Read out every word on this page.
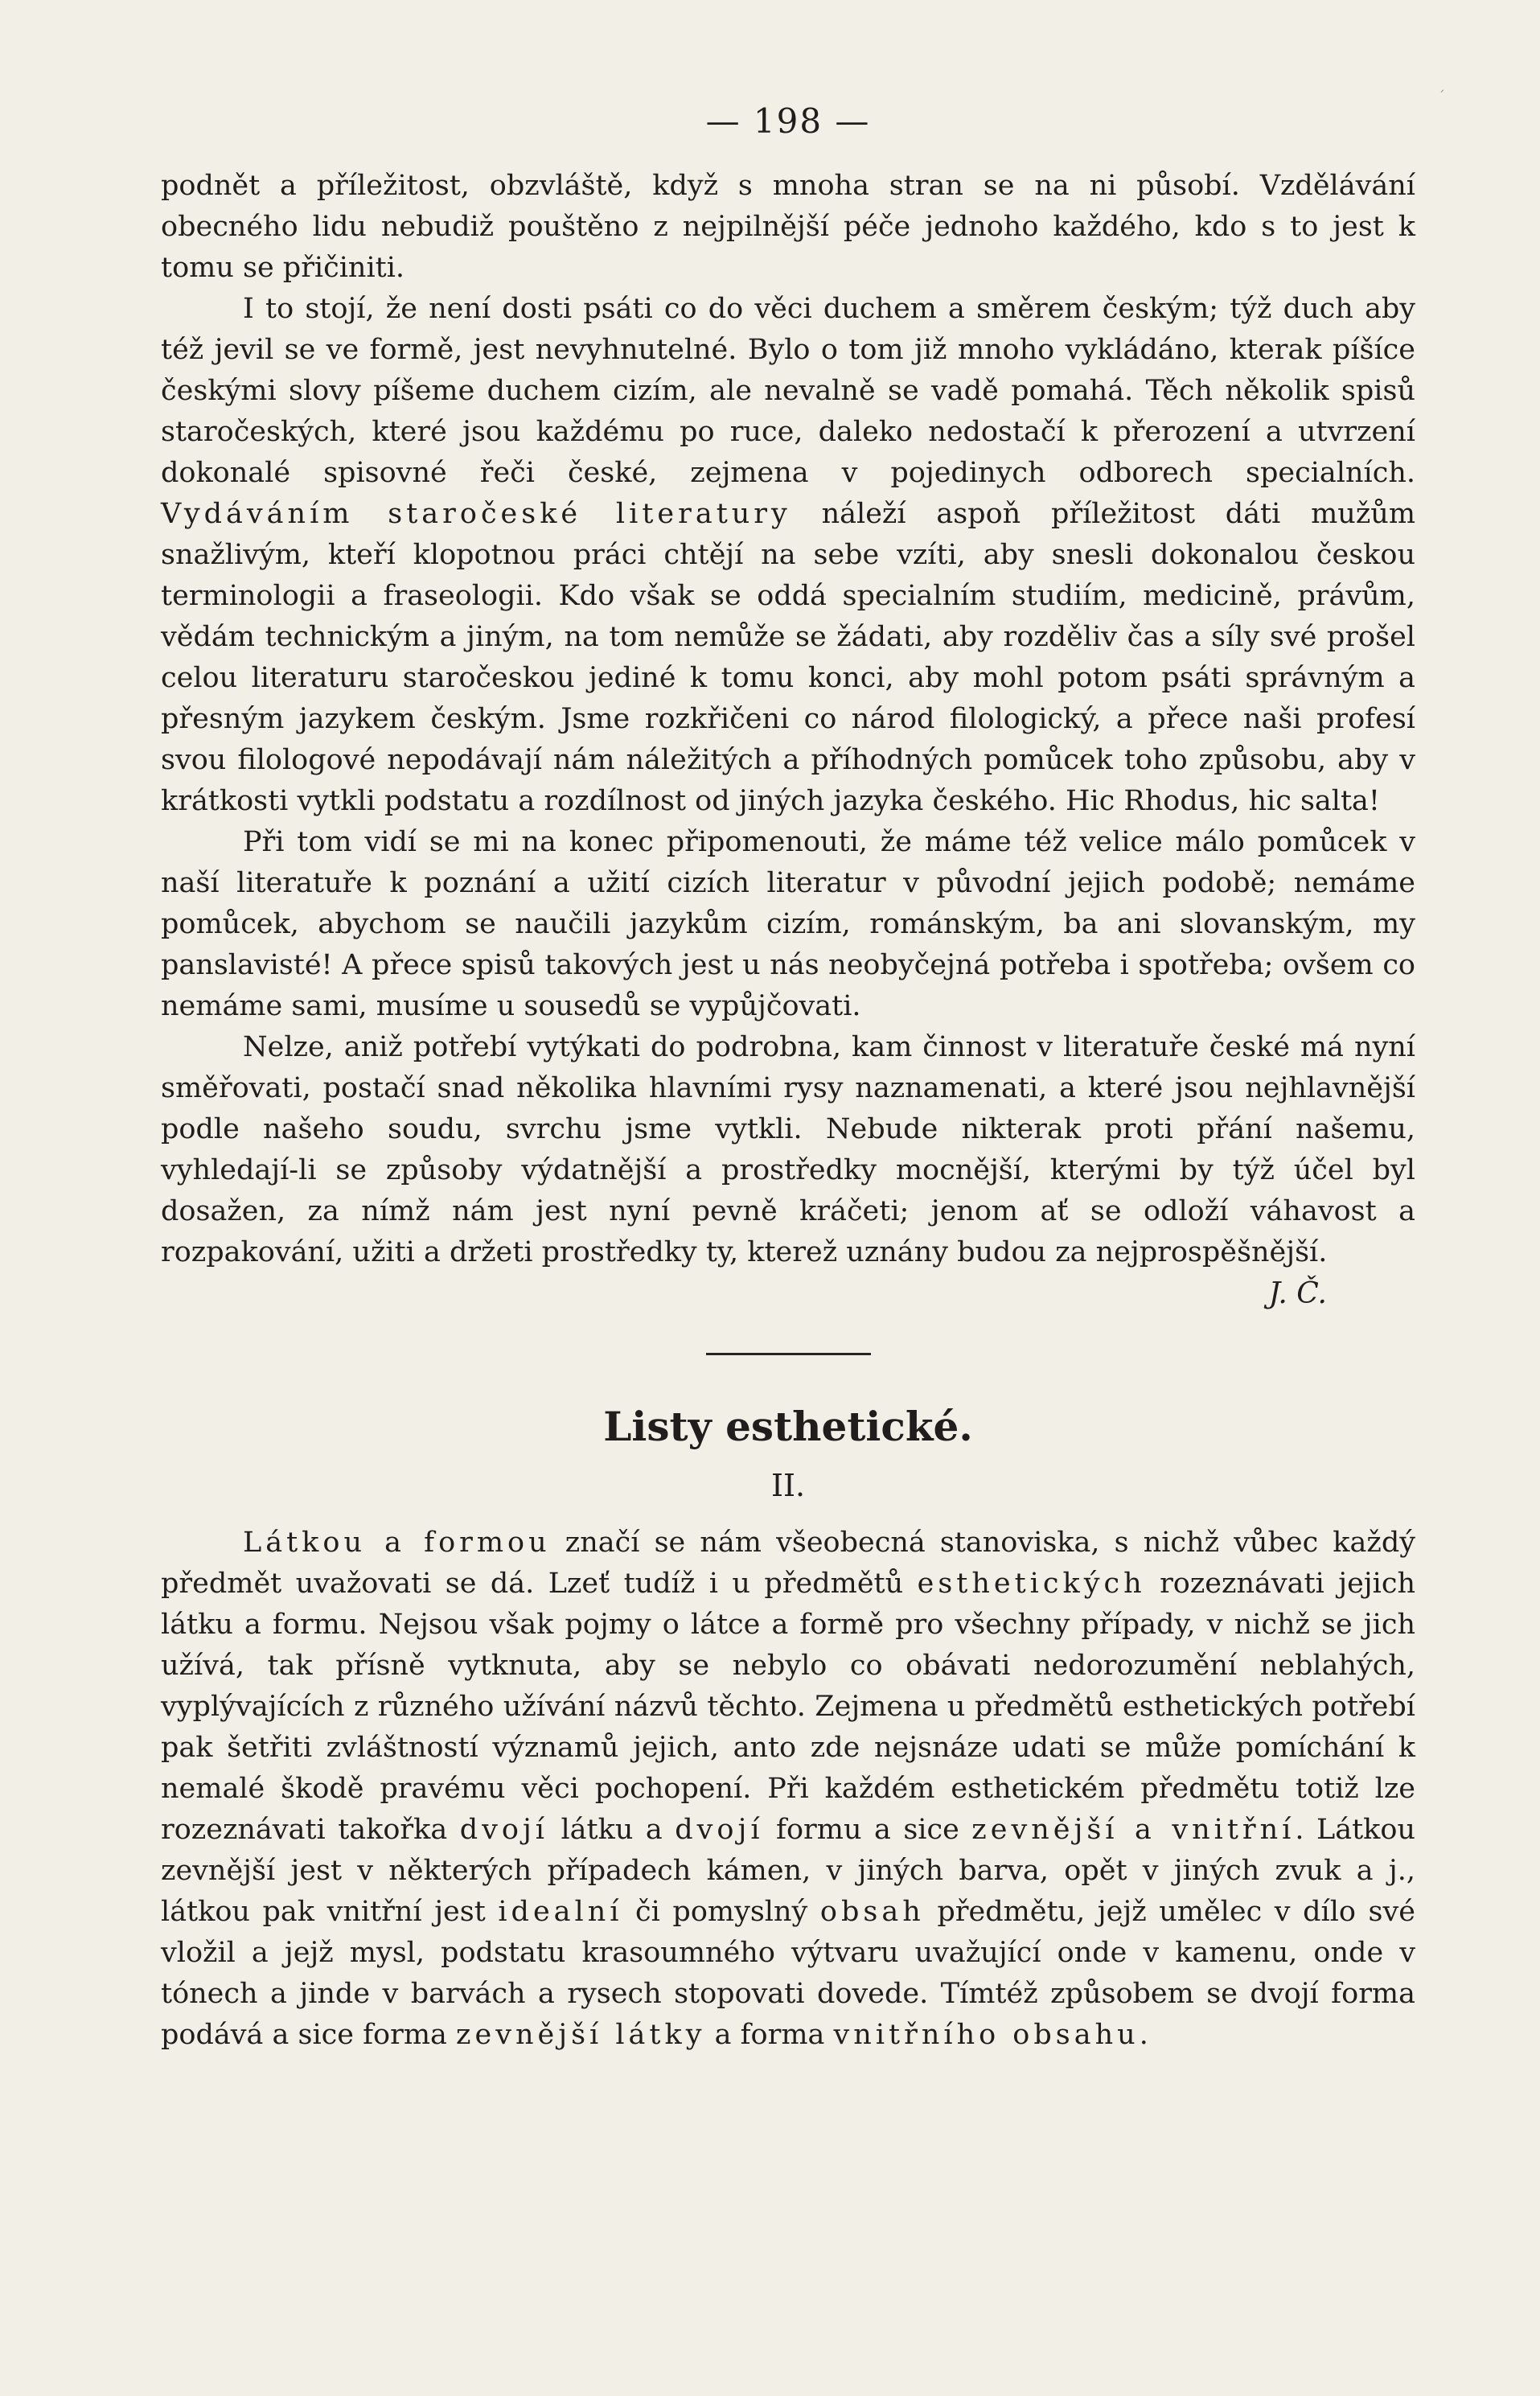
ˊ
— 198 —

podnět a příležitost, obzvláště, když s mnoha stran se na ni působí. Vzdělávání obecného lidu nebudiž pouštěno z nejpilnější péče jednoho každého, kdo s to jest k tomu se přičiniti.

I to stojí, že není dosti psáti co do věci duchem a směrem českým; týž duch aby též jevil se ve formě, jest nevyhnutelné. Bylo o tom již mnoho vykládáno, kterak píšíce českými slovy píšeme duchem cizím, ale nevalně se vadě pomahá. Těch několik spisů staročeských, které jsou každému po ruce, daleko nedostačí k přerození a utvrzení dokonalé spisovné řeči české, zejmena v pojedinych odborech specialních. Vydáváním staročeské literatury náleží aspoň příležitost dáti mužům snažlivým, kteří klopotnou práci chtějí na sebe vzíti, aby snesli dokonalou českou terminologii a fraseologii. Kdo však se oddá specialním studiím, medicině, právům, vědám technickým a jiným, na tom nemůže se žádati, aby rozděliv čas a síly své prošel celou literaturu staročeskou jediné k tomu konci, aby mohl potom psáti správným a přesným jazykem českým. Jsme rozkřičeni co národ filologický, a přece naši profesí svou filologové nepodávají nám náležitých a příhodných pomůcek toho způsobu, aby v krátkosti vytkli podstatu a rozdílnost od jiných jazyka českého. Hic Rhodus, hic salta!

Při tom vidí se mi na konec připomenouti, že máme též velice málo pomůcek v naší literatuře k poznání a užití cizích literatur v původní jejich podobě; nemáme pomůcek, abychom se naučili jazykům cizím, románským, ba ani slovanským, my panslavisté! A přece spisů takových jest u nás neobyčejná potřeba i spotřeba; ovšem co nemáme sami, musíme u sousedů se vypůjčovati.

Nelze, aniž potřebí vytýkati do podrobna, kam činnost v literatuře české má nyní směřovati, postačí snad několika hlavními rysy naznamenati, a které jsou nejhlavnější podle našeho soudu, svrchu jsme vytkli. Nebude nikterak proti přání našemu, vyhledají-li se způsoby výdatnější a prostředky mocnější, kterými by týž účel byl dosažen, za nímž nám jest nyní pevně kráčeti; jenom ať se odloží váhavost a rozpakování, užiti a držeti prostředky ty, kterež uznány budou za nejprospěšnější.
J. Č.

Listy esthetické.
II.

Látkou a formou značí se nám všeobecná stanoviska, s nichž vůbec každý předmět uvažovati se dá. Lzeť tudíž i u předmětů esthetických rozeznávati jejich látku a formu. Nejsou však pojmy o látce a formě pro všechny případy, v nichž se jich užívá, tak přísně vytknuta, aby se nebylo co obávati nedorozumění neblahých, vyplývajících z různého užívání názvů těchto. Zejmena u předmětů esthetických potřebí pak šetřiti zvláštností významů jejich, anto zde nejsnáze udati se může pomíchání k nemalé škodě pravému věci pochopení. Při každém esthetickém předmětu totiž lze rozeznávati takořka dvojí látku a dvojí formu a sice zevnější a vnitřní. Látkou zevnější jest v některých případech kámen, v jiných barva, opět v jiných zvuk a j., látkou pak vnitřní jest idealní či pomyslný obsah předmětu, jejž umělec v dílo své vložil a jejž mysl, podstatu krasoumného výtvaru uvažující onde v kamenu, onde v tónech a jinde v barvách a rysech stopovati dovede. Tímtéž způsobem se dvojí forma podává a sice forma zevnější látky a forma vnitřního obsahu.
